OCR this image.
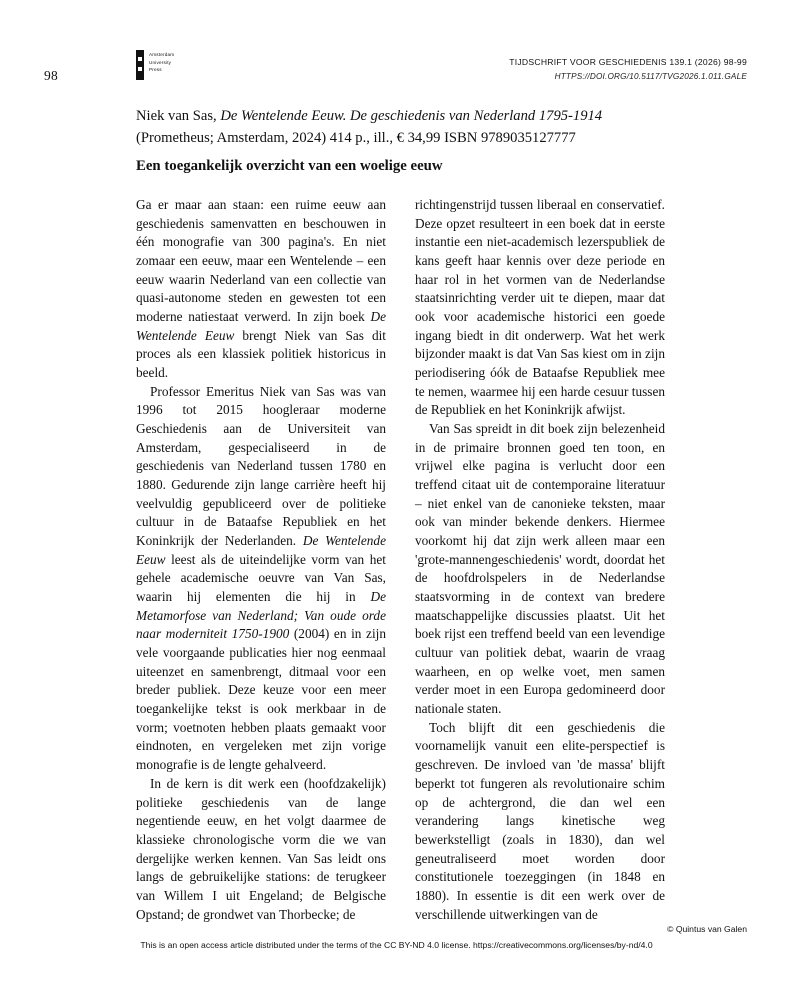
98
Amsterdam
University
Press
TIJDSCHRIFT VOOR GESCHIEDENIS 139.1 (2026) 98-99
HTTPS://DOI.ORG/10.5117/TVG2026.1.011.GALE
Niek van Sas, De Wentelende Eeuw. De geschiedenis van Nederland 1795-1914 (Prometheus; Amsterdam, 2024) 414 p., ill., € 34,99 ISBN 9789035127777
Een toegankelijk overzicht van een woelige eeuw

Ga er maar aan staan: een ruime eeuw aan geschiedenis samenvatten en beschouwen in één monografie van 300 pagina's. En niet zomaar een eeuw, maar een Wentelende – een eeuw waarin Nederland van een collectie van quasi-autonome steden en gewesten tot een moderne natiestaat verwerd. In zijn boek De Wentelende Eeuw brengt Niek van Sas dit proces als een klassiek politiek historicus in beeld.

Professor Emeritus Niek van Sas was van 1996 tot 2015 hoogleraar moderne Geschiedenis aan de Universiteit van Amsterdam, gespecialiseerd in de geschiedenis van Nederland tussen 1780 en 1880. Gedurende zijn lange carrière heeft hij veelvuldig gepubliceerd over de politieke cultuur in de Bataafse Republiek en het Koninkrijk der Nederlanden. De Wentelende Eeuw leest als de uiteindelijke vorm van het gehele academische oeuvre van Van Sas, waarin hij elementen die hij in De Metamorfose van Nederland; Van oude orde naar moderniteit 1750-1900 (2004) en in zijn vele voorgaande publicaties hier nog eenmaal uiteenzet en samenbrengt, ditmaal voor een breder publiek. Deze keuze voor een meer toegankelijke tekst is ook merkbaar in de vorm; voetnoten hebben plaats gemaakt voor eindnoten, en vergeleken met zijn vorige monografie is de lengte gehalveerd.

In de kern is dit werk een (hoofdzakelijk) politieke geschiedenis van de lange negentiende eeuw, en het volgt daarmee de klassieke chronologische vorm die we van dergelijke werken kennen. Van Sas leidt ons langs de gebruikelijke stations: de terugkeer van Willem I uit Engeland; de Belgische Opstand; de grondwet van Thorbecke; de

richtingenstrijd tussen liberaal en conservatief. Deze opzet resulteert in een boek dat in eerste instantie een niet-academisch lezerspubliek de kans geeft haar kennis over deze periode en haar rol in het vormen van de Nederlandse staatsinrichting verder uit te diepen, maar dat ook voor academische historici een goede ingang biedt in dit onderwerp. Wat het werk bijzonder maakt is dat Van Sas kiest om in zijn periodisering óók de Bataafse Republiek mee te nemen, waarmee hij een harde cesuur tussen de Republiek en het Koninkrijk afwijst.

Van Sas spreidt in dit boek zijn belezenheid in de primaire bronnen goed ten toon, en vrijwel elke pagina is verlucht door een treffend citaat uit de contemporaine literatuur – niet enkel van de canonieke teksten, maar ook van minder bekende denkers. Hiermee voorkomt hij dat zijn werk alleen maar een 'grote-mannengeschiedenis' wordt, doordat het de hoofdrolspelers in de Nederlandse staatsvorming in de context van bredere maatschappelijke discussies plaatst. Uit het boek rijst een treffend beeld van een levendige cultuur van politiek debat, waarin de vraag waarheen, en op welke voet, men samen verder moet in een Europa gedomineerd door nationale staten.

Toch blijft dit een geschiedenis die voornamelijk vanuit een elite-perspectief is geschreven. De invloed van 'de massa' blijft beperkt tot fungeren als revolutionaire schim op de achtergrond, die dan wel een verandering langs kinetische weg bewerkstelligt (zoals in 1830), dan wel geneutraliseerd moet worden door constitutionele toezeggingen (in 1848 en 1880). In essentie is dit een werk over de verschillende uitwerkingen van de

© Quintus van Galen
This is an open access article distributed under the terms of the CC BY-ND 4.0 license. https://creativecommons.org/licenses/by-nd/4.0
